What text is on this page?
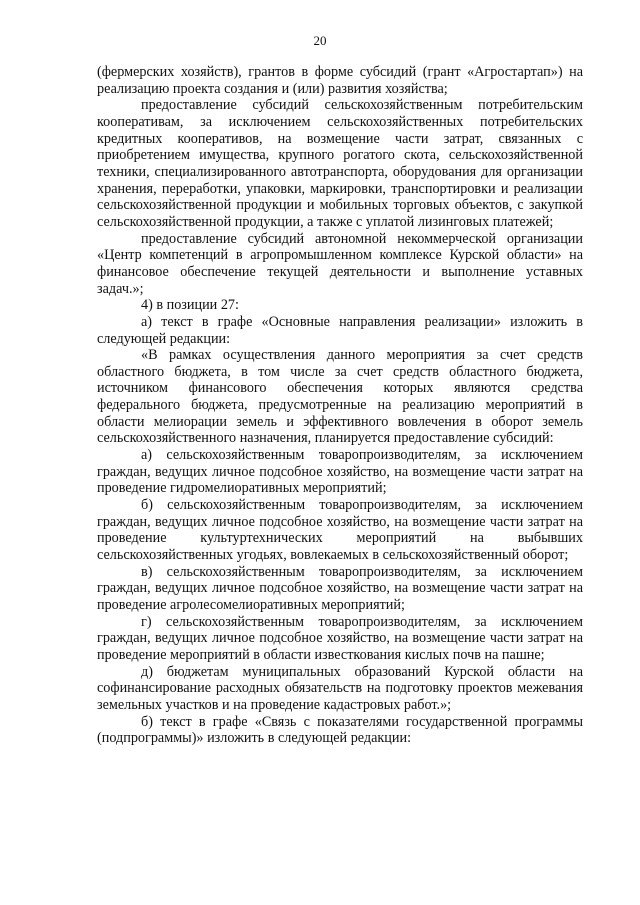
20

(фермерских хозяйств), грантов в форме субсидий (грант «Агростартап») на реализацию проекта создания и (или) развития хозяйства;

предоставление субсидий сельскохозяйственным потребительским кооперативам, за исключением сельскохозяйственных потребительских кредитных кооперативов, на возмещение части затрат, связанных с приобретением имущества, крупного рогатого скота, сельскохозяйственной техники, специализированного автотранспорта, оборудования для организации хранения, переработки, упаковки, маркировки, транспортировки и реализации сельскохозяйственной продукции и мобильных торговых объектов, с закупкой сельскохозяйственной продукции, а также с уплатой лизинговых платежей;

предоставление субсидий автономной некоммерческой организации «Центр компетенций в агропромышленном комплексе Курской области» на финансовое обеспечение текущей деятельности и выполнение уставных задач.»;

4) в позиции 27:

а) текст в графе «Основные направления реализации» изложить в следующей редакции:

«В рамках осуществления данного мероприятия за счет средств областного бюджета, в том числе за счет средств областного бюджета, источником финансового обеспечения которых являются средства федерального бюджета, предусмотренные на реализацию мероприятий в области мелиорации земель и эффективного вовлечения в оборот земель сельскохозяйственного назначения, планируется предоставление субсидий:

а) сельскохозяйственным товаропроизводителям, за исключением граждан, ведущих личное подсобное хозяйство, на возмещение части затрат на проведение гидромелиоративных мероприятий;

б) сельскохозяйственным товаропроизводителям, за исключением граждан, ведущих личное подсобное хозяйство, на возмещение части затрат на проведение культуртехнических мероприятий на выбывших сельскохозяйственных угодьях, вовлекаемых в сельскохозяйственный оборот;

в) сельскохозяйственным товаропроизводителям, за исключением граждан, ведущих личное подсобное хозяйство, на возмещение части затрат на проведение агролесомелиоративных мероприятий;

г) сельскохозяйственным товаропроизводителям, за исключением граждан, ведущих личное подсобное хозяйство, на возмещение части затрат на проведение мероприятий в области известкования кислых почв на пашне;

д) бюджетам муниципальных образований Курской области на софинансирование расходных обязательств на подготовку проектов межевания земельных участков и на проведение кадастровых работ.»;

б) текст в графе «Связь с показателями государственной программы (подпрограммы)» изложить в следующей редакции:
